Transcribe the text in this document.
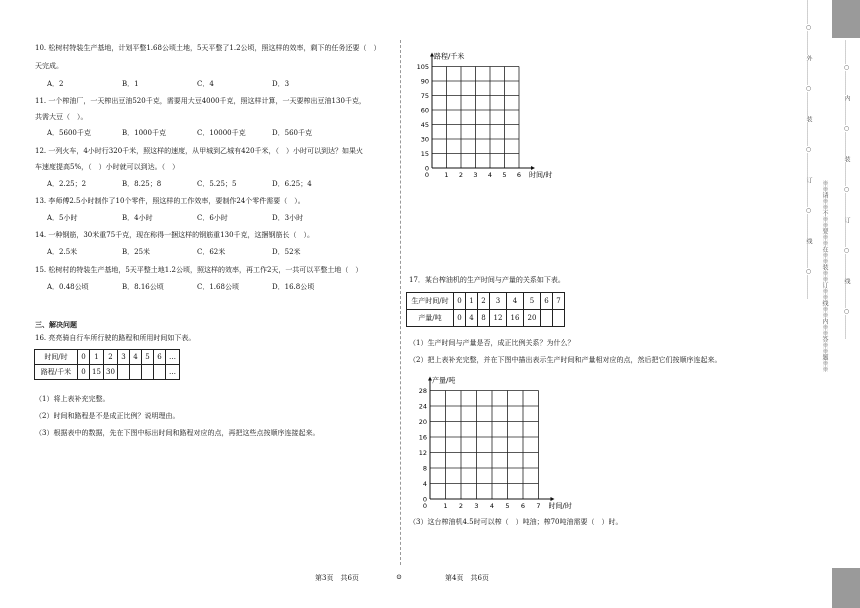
10. 松树村特装生产基地，计划平整1.68公顷土地，5天平整了1.2公顷，照这样的效率，剩下的任务还要（　）
天完成。
A．2	B．1	C．4	D．3
11. 一个榨油厂，一天榨出豆油520千克，需要用大豆4000千克，照这样计算，一天要榨出豆油130千克，
共需大豆（　）。
A．5600千克	B．1000千克	C．10000千克	D．560千克
12. 一列火车，4小时行320千米，照这样的速度，从甲城到乙城有420千米，（　）小时可以到达？如果火
车速度提高5%，（　）小时就可以到达。（　）
A．2.25；2	B．8.25；8	C．5.25；5	D．6.25；4
13. 李师傅2.5小时制作了10个零件，照这样的工作效率，要制作24个零件需要（　）。
A．5小时	B．4小时	C．6小时	D．3小时
14. 一种钢筋，30米重75千克，现在称得一捆这样的钢筋重130千克，这捆钢筋长（　）。
A．2.5米	B．25米	C．62米	D．52米
15. 松树村的特装生产基地，5天平整土地1.2公顷，照这样的效率，再工作2天，一共可以平整土地（　）
A．0.48公顷	B．8.16公顷	C．1.68公顷	D．16.8公顷
三、解决问题
16. 亮亮骑自行车所行驶的路程和所用时间如下表。
时间/时	0	1	2	3	4	5	6	…
路程/千米	0	15	30					…
（1）将上表补充完整。
（2）时间和路程是不是成正比例？说明理由。
（3）根据表中的数据，先在下图中标出时间和路程对应的点，再把这些点按顺序连接起来。
第3页　共6页	⊙	第4页　共6页
0
15
30
45
60
75
90
105
1 2 3 4 5 6
0
路程/千米
时间/时
17．某台榨油机的生产时间与产量的关系如下表。
生产时间/时	0	1	2	3	4	5	6	7
产量/吨	0	4	8	12	16	20		
（1）生产时间与产量是否，成正比例关系？为什么？
（2）把上表补充完整，并在下图中描出表示生产时间和产量相对应的点，然后把它们按顺序连起来。
0
4
8
12
16
20
24
28
1 2 3 4 5 6 7
0
产量/吨
时间/时
（3）这台榨油机4.5时可以榨（　）吨油；榨70吨油需要（　）时。
…………○…………外…………○…………装…………○…………订…………○…………线…………○…………	…………○…………内…………○…………装…………○…………订…………○…………线…………○…………
※※请※※不※※要※※在※※装※※订※※线※※内※※答※※题※※
